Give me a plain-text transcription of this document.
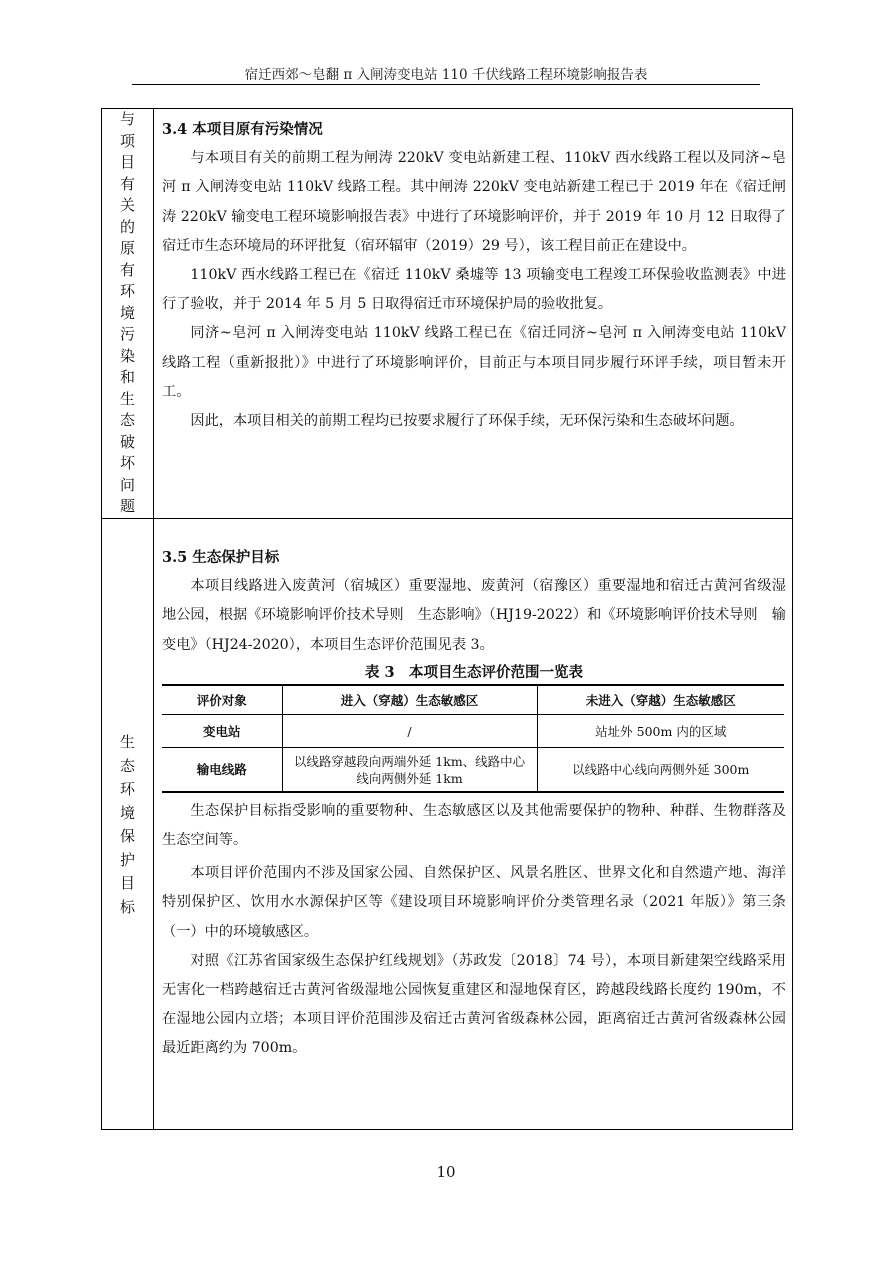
宿迁西郊～皂翻 π 入闸涛变电站 110 千伏线路工程环境影响报告表
与项目有关的原有环境污染和生态破坏问题
3.4 本项目原有污染情况

与本项目有关的前期工程为闸涛 220kV 变电站新建工程、110kV 西水线路工程以及同济~皂河 π 入闸涛变电站 110kV 线路工程。其中闸涛 220kV 变电站新建工程已于 2019 年在《宿迁闸涛 220kV 输变电工程环境影响报告表》中进行了环境影响评价，并于 2019 年 10 月 12 日取得了宿迁市生态环境局的环评批复（宿环辐审（2019）29 号），该工程目前正在建设中。

110kV 西水线路工程已在《宿迁 110kV 桑墟等 13 项输变电工程竣工环保验收监测表》中进行了验收，并于 2014 年 5 月 5 日取得宿迁市环境保护局的验收批复。

同济~皂河 π 入闸涛变电站 110kV 线路工程已在《宿迁同济~皂河 π 入闸涛变电站 110kV 线路工程（重新报批）》中进行了环境影响评价，目前正与本项目同步履行环评手续，项目暂未开工。

因此，本项目相关的前期工程均已按要求履行了环保手续，无环保污染和生态破坏问题。

生态环境保护目标
3.5 生态保护目标

本项目线路进入废黄河（宿城区）重要湿地、废黄河（宿豫区）重要湿地和宿迁古黄河省级湿地公园，根据《环境影响评价技术导则　生态影响》（HJ19-2022）和《环境影响评价技术导则　输变电》（HJ24-2020），本项目生态评价范围见表 3。

表 3　本项目生态评价范围一览表
评价对象	进入（穿越）生态敏感区	未进入（穿越）生态敏感区
变电站	/	站址外 500m 内的区域
输电线路	以线路穿越段向两端外延 1km、线路中心线向两侧外延 1km	以线路中心线向两侧外延 300m

生态保护目标指受影响的重要物种、生态敏感区以及其他需要保护的物种、种群、生物群落及生态空间等。

本项目评价范围内不涉及国家公园、自然保护区、风景名胜区、世界文化和自然遗产地、海洋特别保护区、饮用水水源保护区等《建设项目环境影响评价分类管理名录（2021 年版）》第三条（一）中的环境敏感区。

对照《江苏省国家级生态保护红线规划》（苏政发〔2018〕74 号），本项目新建架空线路采用无害化一档跨越宿迁古黄河省级湿地公园恢复重建区和湿地保育区，跨越段线路长度约 190m，不在湿地公园内立塔；本项目评价范围涉及宿迁古黄河省级森林公园，距离宿迁古黄河省级森林公园最近距离约为 700m。

10
